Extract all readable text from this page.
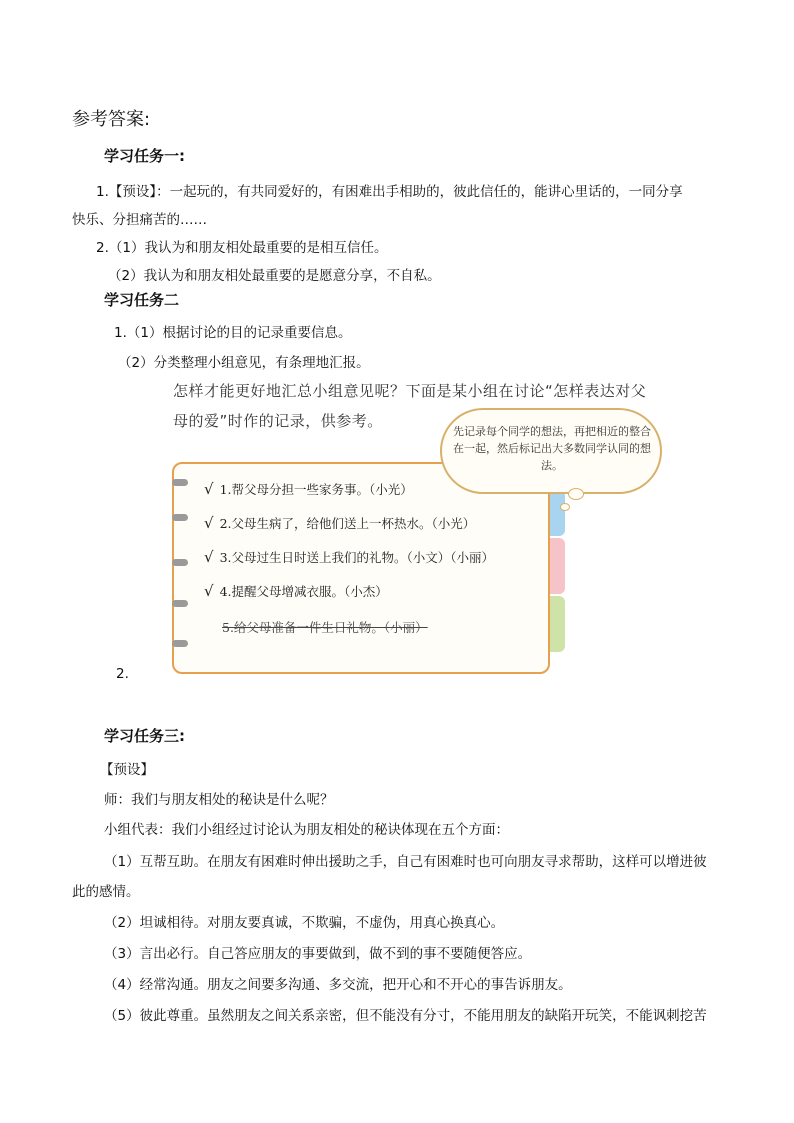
参考答案:
学习任务一:
1.【预设】：一起玩的，有共同爱好的，有困难出手相助的，彼此信任的，能讲心里话的，一同分享
快乐、分担痛苦的……
2.（1）我认为和朋友相处最重要的是相互信任。
（2）我认为和朋友相处最重要的是愿意分享，不自私。
学习任务二
1.（1）根据讨论的目的记录重要信息。
（2）分类整理小组意见，有条理地汇报。
怎样才能更好地汇总小组意见呢？下面是某小组在讨论“怎样表达对父母的爱”时作的记录，供参考。
√ 1.帮父母分担一些家务事。（小光）
√ 2.父母生病了，给他们送上一杯热水。（小光）
√ 3.父母过生日时送上我们的礼物。（小文）（小丽）
√ 4.提醒父母增减衣服。（小杰）
5.给父母准备一件生日礼物。（小丽）
先记录每个同学的想法，再把相近的整合在一起，然后标记出大多数同学认同的想法。
2.
学习任务三:
【预设】
师：我们与朋友相处的秘诀是什么呢？
小组代表：我们小组经过讨论认为朋友相处的秘诀体现在五个方面：
（1）互帮互助。在朋友有困难时伸出援助之手，自己有困难时也可向朋友寻求帮助，这样可以增进彼
此的感情。
（2）坦诚相待。对朋友要真诚，不欺骗，不虚伪，用真心换真心。
（3）言出必行。自己答应朋友的事要做到，做不到的事不要随便答应。
（4）经常沟通。朋友之间要多沟通、多交流，把开心和不开心的事告诉朋友。
（5）彼此尊重。虽然朋友之间关系亲密，但不能没有分寸，不能用朋友的缺陷开玩笑，不能讽刺挖苦
